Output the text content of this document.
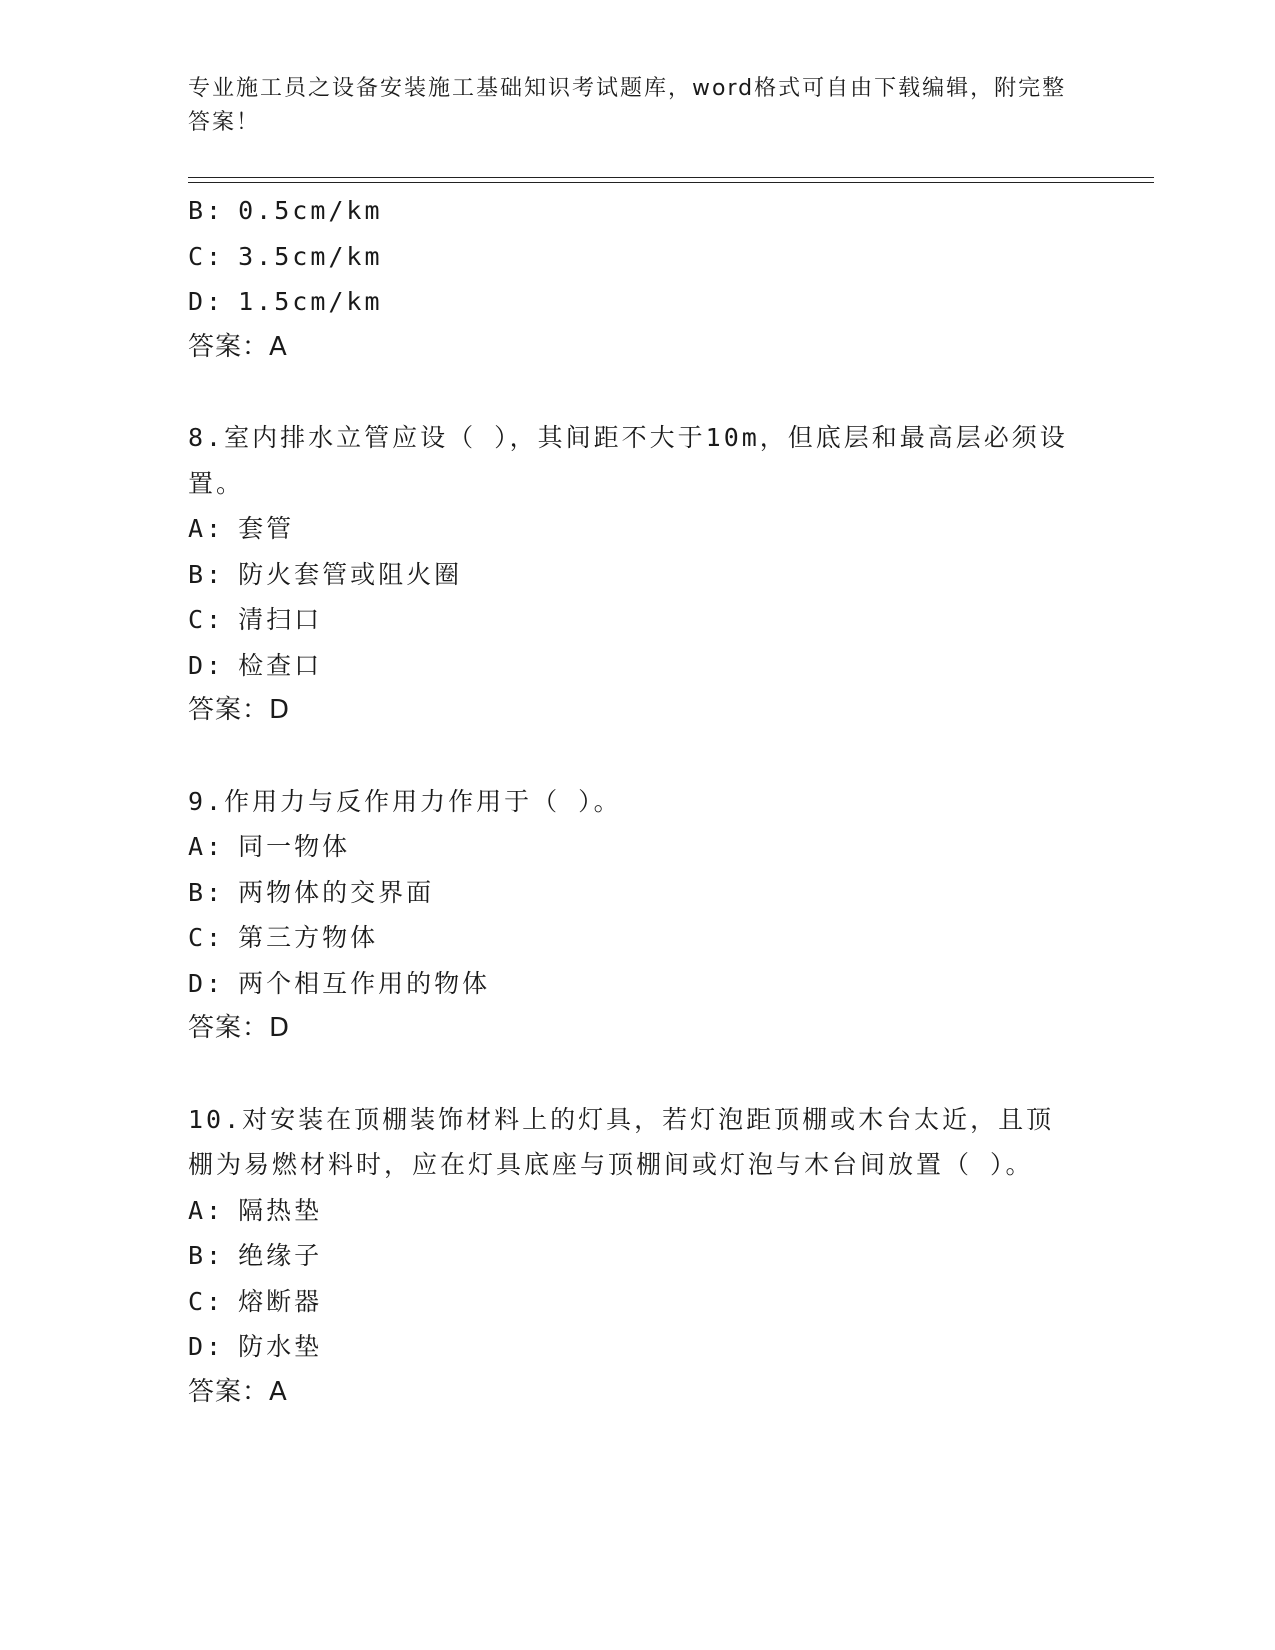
专业施工员之设备安装施工基础知识考试题库，word格式可自由下载编辑，附完整答案！
B: 0.5cm/km
C: 3.5cm/km
D: 1.5cm/km
答案：A
8.室内排水立管应设（ ），其间距不大于10m，但底层和最高层必须设置。
A: 套管
B: 防火套管或阻火圈
C: 清扫口
D: 检查口
答案：D
9.作用力与反作用力作用于（ ）。
A: 同一物体
B: 两物体的交界面
C: 第三方物体
D: 两个相互作用的物体
答案：D
10.对安装在顶棚装饰材料上的灯具，若灯泡距顶棚或木台太近，且顶棚为易燃材料时，应在灯具底座与顶棚间或灯泡与木台间放置（ ）。
A: 隔热垫
B: 绝缘子
C: 熔断器
D: 防水垫
答案：A
